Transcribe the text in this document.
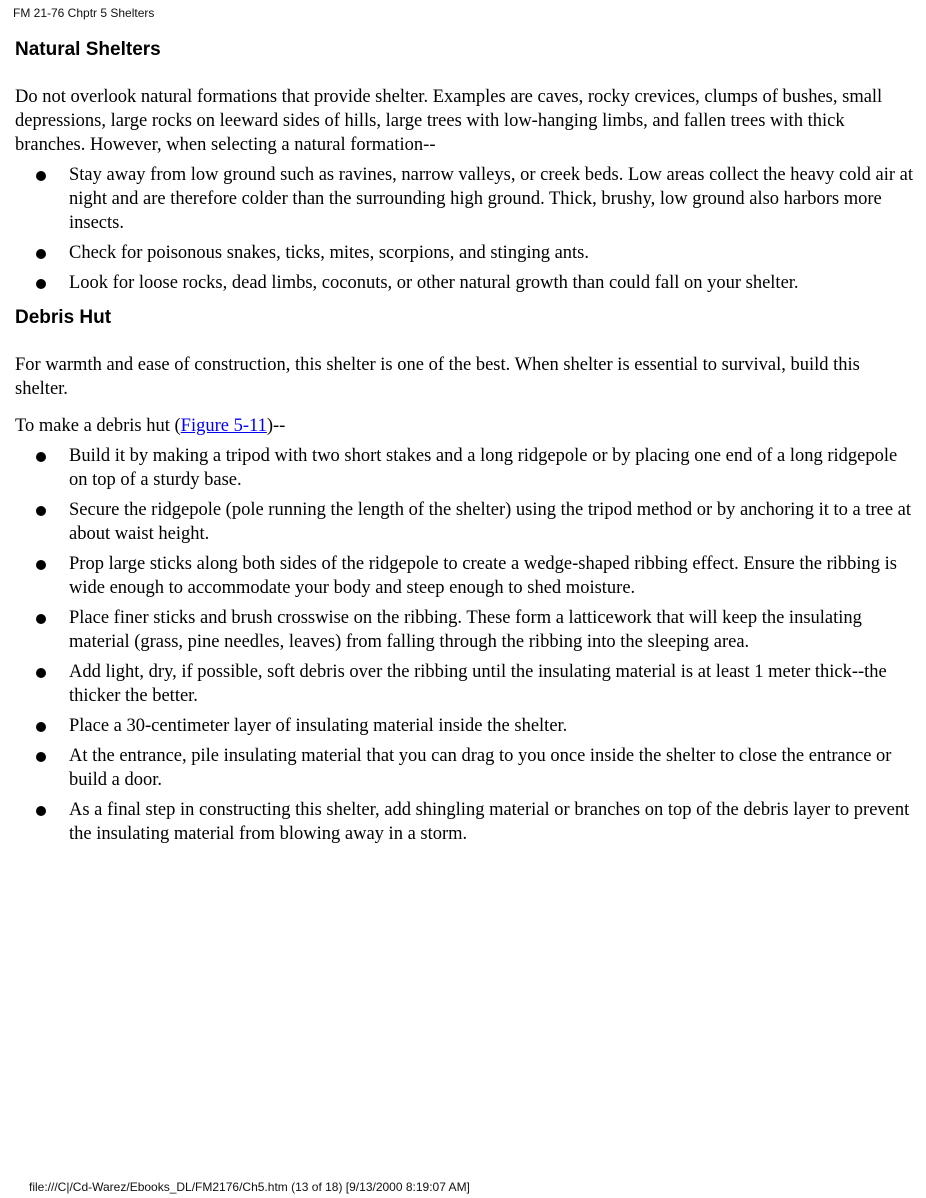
FM 21-76 Chptr 5 Shelters
Natural Shelters

Do not overlook natural formations that provide shelter. Examples are caves, rocky crevices, clumps of bushes, small depressions, large rocks on leeward sides of hills, large trees with low-hanging limbs, and fallen trees with thick branches. However, when selecting a natural formation--

Stay away from low ground such as ravines, narrow valleys, or creek beds. Low areas collect the heavy cold air at night and are therefore colder than the surrounding high ground. Thick, brushy, low ground also harbors more insects.
Check for poisonous snakes, ticks, mites, scorpions, and stinging ants.
Look for loose rocks, dead limbs, coconuts, or other natural growth than could fall on your shelter.
Debris Hut

For warmth and ease of construction, this shelter is one of the best. When shelter is essential to survival, build this shelter.

To make a debris hut (Figure 5-11)--

Build it by making a tripod with two short stakes and a long ridgepole or by placing one end of a long ridgepole on top of a sturdy base.
Secure the ridgepole (pole running the length of the shelter) using the tripod method or by anchoring it to a tree at about waist height.
Prop large sticks along both sides of the ridgepole to create a wedge-shaped ribbing effect. Ensure the ribbing is wide enough to accommodate your body and steep enough to shed moisture.
Place finer sticks and brush crosswise on the ribbing. These form a latticework that will keep the insulating material (grass, pine needles, leaves) from falling through the ribbing into the sleeping area.
Add light, dry, if possible, soft debris over the ribbing until the insulating material is at least 1 meter thick--the thicker the better.
Place a 30-centimeter layer of insulating material inside the shelter.
At the entrance, pile insulating material that you can drag to you once inside the shelter to close the entrance or build a door.
As a final step in constructing this shelter, add shingling material or branches on top of the debris layer to prevent the insulating material from blowing away in a storm.
file:///C|/Cd-Warez/Ebooks_DL/FM2176/Ch5.htm (13 of 18) [9/13/2000 8:19:07 AM]
